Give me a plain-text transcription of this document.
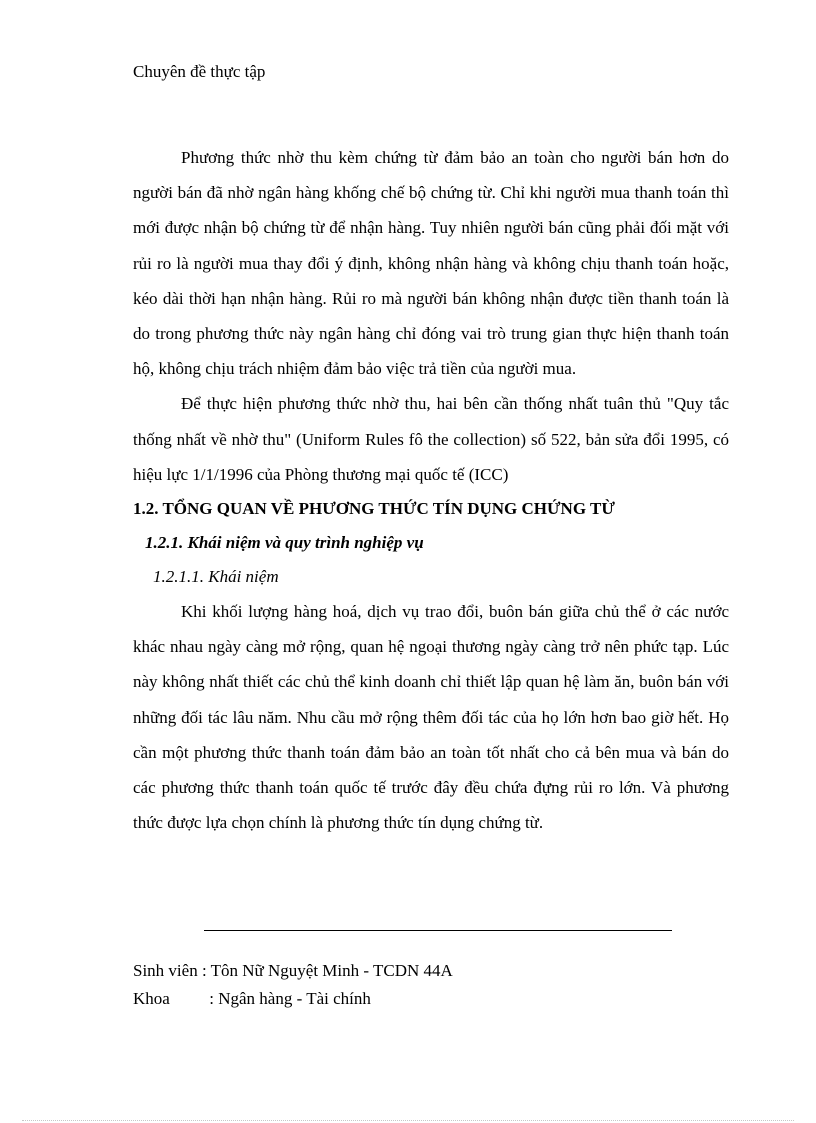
Chuyên đề thực tập

Phương thức nhờ thu kèm chứng từ đảm bảo an toàn cho người bán hơn do người bán đã nhờ ngân hàng khống chế bộ chứng từ. Chỉ khi người mua thanh toán thì mới được nhận bộ chứng từ để nhận hàng. Tuy nhiên người bán cũng phải đối mặt với rủi ro là người mua thay đổi ý định, không nhận hàng và không chịu thanh toán hoặc, kéo dài thời hạn nhận hàng. Rủi ro mà người bán không nhận được tiền thanh toán là do trong phương thức này ngân hàng chỉ đóng vai trò trung gian thực hiện thanh toán hộ, không chịu trách nhiệm đảm bảo việc trả tiền của người mua.

Để thực hiện phương thức nhờ thu, hai bên cần thống nhất tuân thủ "Quy tắc thống nhất về nhờ thu" (Uniform Rules fô the collection) số 522, bản sửa đổi 1995, có hiệu lực 1/1/1996 của Phòng thương mại quốc tế (ICC)

1.2. TỔNG QUAN VỀ PHƯƠNG THỨC TÍN DỤNG CHỨNG TỪ

1.2.1. Khái niệm và quy trình nghiệp vụ

1.2.1.1. Khái niệm

Khi khối lượng hàng hoá, dịch vụ trao đổi, buôn bán giữa chủ thể ở các nước khác nhau ngày càng mở rộng, quan hệ ngoại thương ngày càng trở nên phức tạp. Lúc này không nhất thiết các chủ thể kinh doanh chỉ thiết lập quan hệ làm ăn, buôn bán với những đối tác lâu năm. Nhu cầu mở rộng thêm đối tác của họ lớn hơn bao giờ hết. Họ cần một phương thức thanh toán đảm bảo an toàn tốt nhất cho cả bên mua và bán do các phương thức thanh toán quốc tế trước đây đều chứa đựng rủi ro lớn. Và phương thức được lựa chọn chính là phương thức tín dụng chứng từ.

Sinh viên : Tôn Nữ Nguyệt Minh - TCDN 44A
Khoa : Ngân hàng - Tài chính
